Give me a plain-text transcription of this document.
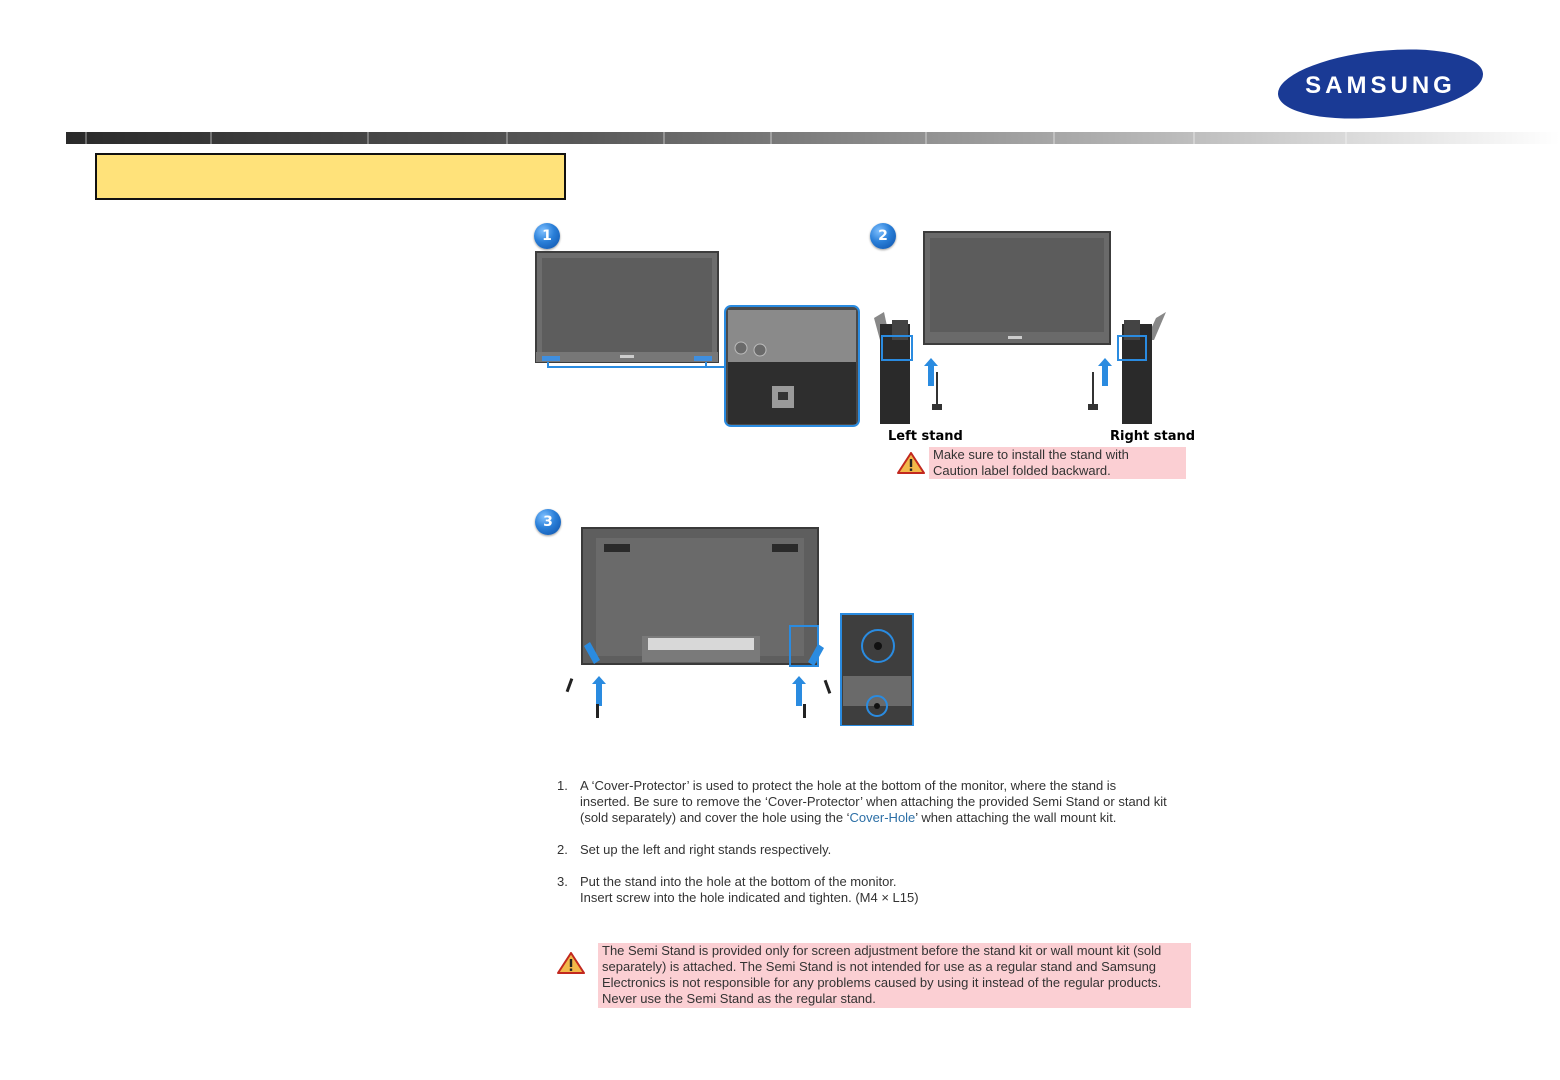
SAMSUNG
1	2
3
Left stand	Right stand
Make sure to install the stand with
Caution label folded backward.
1. A ‘Cover-Protector’ is used to protect the hole at the bottom of the monitor, where the stand is
inserted. Be sure to remove the ‘Cover-Protector’ when attaching the provided Semi Stand or stand kit
(sold separately) and cover the hole using the ‘Cover-Hole’ when attaching the wall mount kit.
2. Set up the left and right stands respectively.
3. Put the stand into the hole at the bottom of the monitor.
Insert screw into the hole indicated and tighten. (M4 × L15)
The Semi Stand is provided only for screen adjustment before the stand kit or wall mount kit (sold
separately) is attached. The Semi Stand is not intended for use as a regular stand and Samsung
Electronics is not responsible for any problems caused by using it instead of the regular products.
Never use the Semi Stand as the regular stand.
